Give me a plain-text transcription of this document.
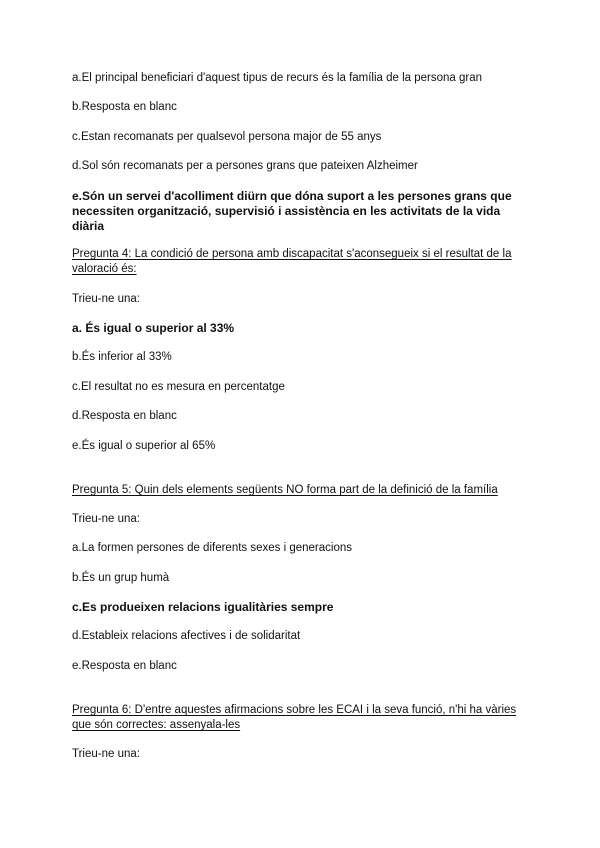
a.El principal beneficiari d'aquest tipus de recurs és la família de la persona gran
b.Resposta en blanc
c.Estan recomanats per qualsevol persona major de 55 anys
d.Sol són recomanats per a persones grans que pateixen Alzheimer
e.Són un servei d'acolliment diürn que dóna suport a les persones grans que necessiten organització, supervisió i assistència en les activitats de la vida diària
Pregunta 4: La condició de persona amb discapacitat s'aconsegueix si el resultat de la valoració és:
Trieu-ne una:
a. És igual o superior al 33%
b.És inferior al 33%
c.El resultat no es mesura en percentatge
d.Resposta en blanc
e.És igual o superior al 65%
Pregunta 5: Quin dels elements següents NO forma part de la definició de la família
Trieu-ne una:
a.La formen persones de diferents sexes i generacions
b.És un grup humà
c.Es produeixen relacions igualitàries sempre
d.Estableix relacions afectives i de solidaritat
e.Resposta en blanc
Pregunta 6: D'entre aquestes afirmacions sobre les ECAI i la seva funció, n'hi ha vàries que són correctes: assenyala-les
Trieu-ne una:
